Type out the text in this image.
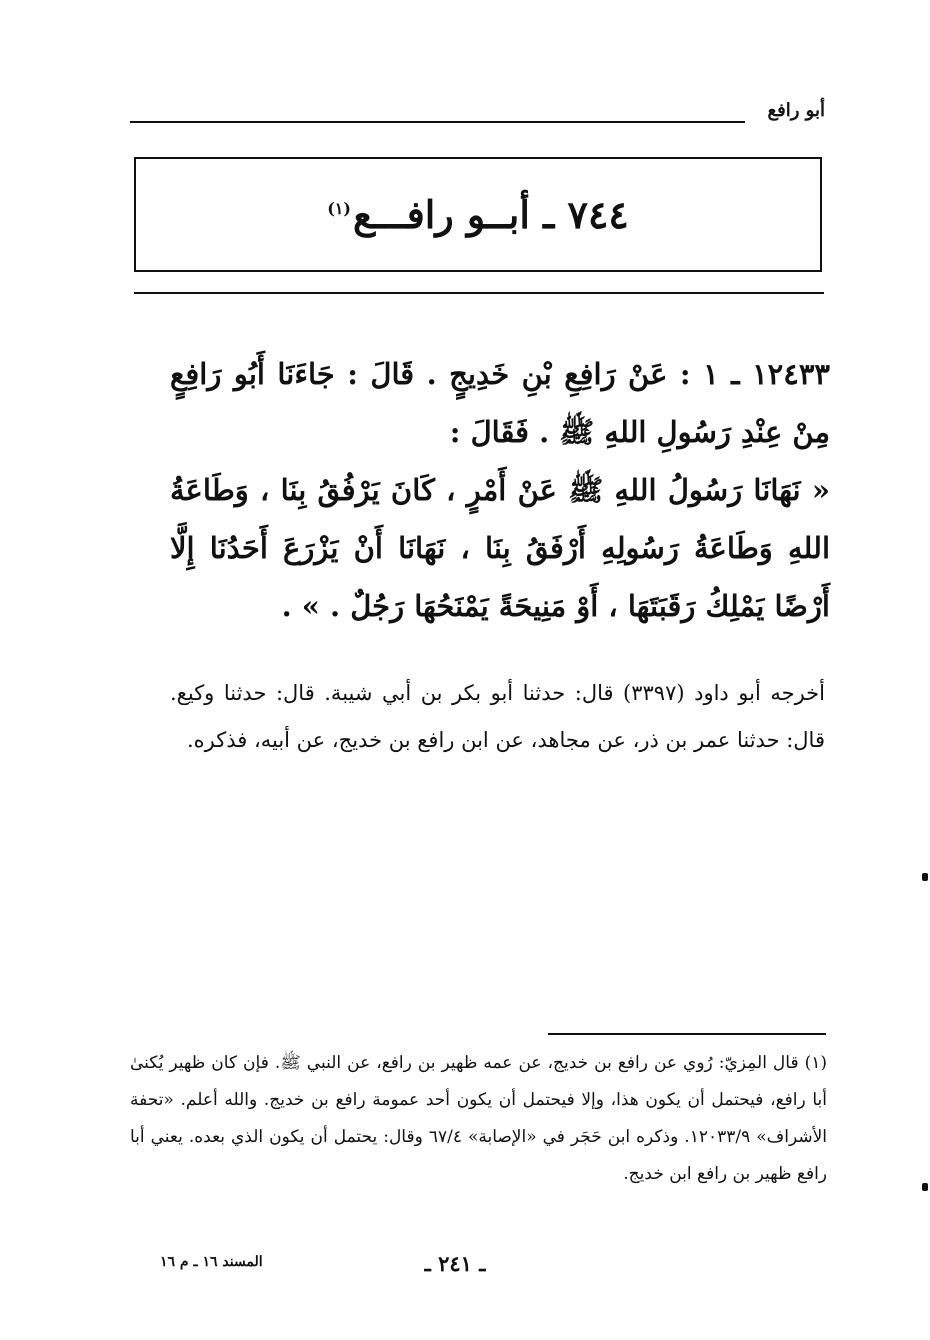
أبو رافع
٧٤٤ ـ أبــو رافـــع$^{(١)}$

١٢٤٣٣ ـ ١ : عَنْ رَافِعِ بْنِ خَدِيجٍ . قَالَ : جَاءَنَا أَبُو رَافِعٍ مِنْ عِنْدِ رَسُولِ اللهِ ﷺ . فَقَالَ :

« نَهَانَا رَسُولُ اللهِ ﷺ عَنْ أَمْرٍ ، كَانَ يَرْفُقُ بِنَا ، وَطَاعَةُ اللهِ وَطَاعَةُ رَسُولِهِ أَرْفَقُ بِنَا ، نَهَانَا أَنْ يَزْرَعَ أَحَدُنَا إِلَّا أَرْضًا يَمْلِكُ رَقَبَتَهَا ، أَوْ مَنِيحَةً يَمْنَحُهَا رَجُلٌ . » .

أخرجه أبو داود (٣٣٩٧) قال: حدثنا أبو بكر بن أبي شيبة. قال: حدثنا وكيع. قال: حدثنا عمر بن ذر، عن مجاهد، عن ابن رافع بن خديج، عن أبيه، فذكره.
(١) قال المِزيّ: رُوي عن رافع بن خديج، عن عمه ظهير بن رافع، عن النبي ﷺ. فإن كان ظهير يُكنىٰ أبا رافع، فيحتمل أن يكون هذا، وإلا فيحتمل أن يكون أحد عمومة رافع بن خديج. والله أعلم. «تحفة الأشراف» ١٢٠٣٣/٩. وذكره ابن حَجَر في «الإصابة» ٦٧/٤ وقال: يحتمل أن يكون الذي بعده. يعني أبا رافع ظهير بن رافع ابن خديج.
ـ ٢٤١ ـ
المسند ١٦ ـ م ١٦
